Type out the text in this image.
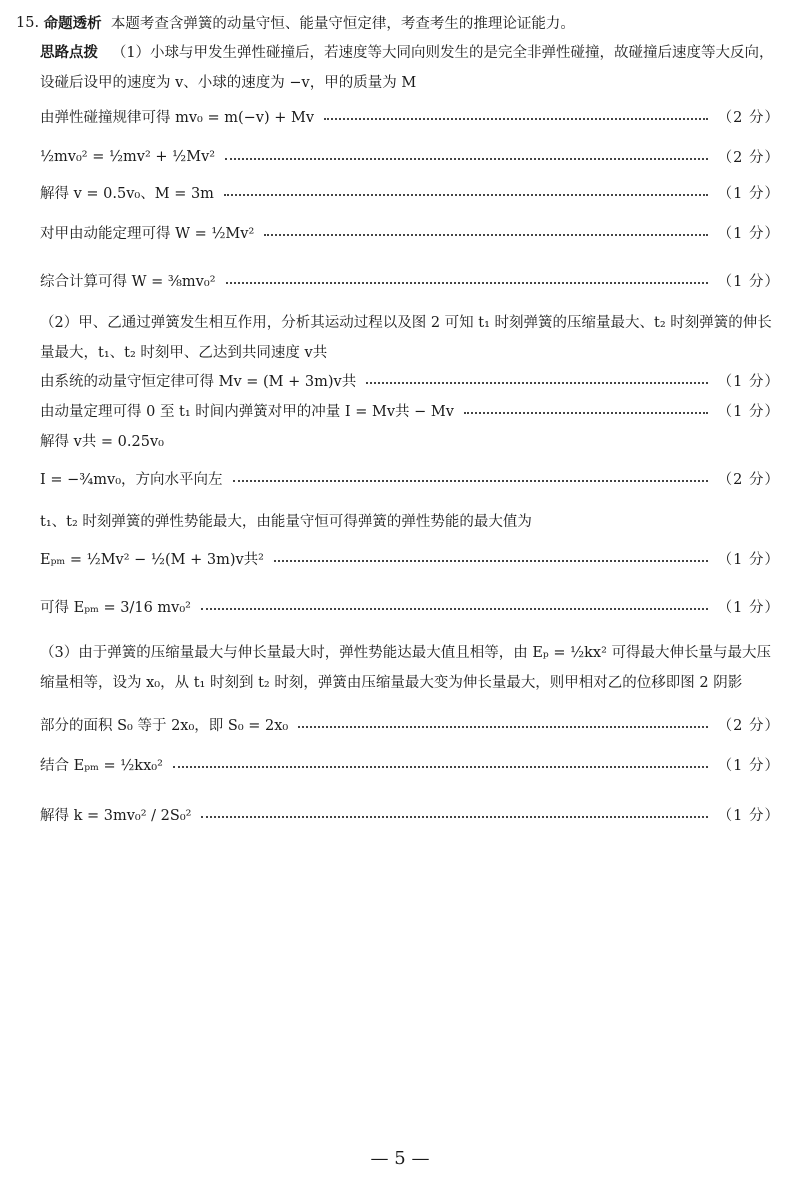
15.
命题透析
本题考查含弹簧的动量守恒、能量守恒定律，考查考生的推理论证能力。
思路点拨 （1）小球与甲发生弹性碰撞后，若速度等大同向则发生的是完全非弹性碰撞，故碰撞后速度等大反向，设碰后设甲的速度为 v、小球的速度为 −v，甲的质量为 M
由弹性碰撞规律可得 mv₀ = m(−v) + Mv	（2 分）
½mv₀² = ½mv² + ½Mv²	（2 分）
解得 v = 0.5v₀、M = 3m	（1 分）
对甲由动能定理可得 W = ½Mv²	（1 分）
综合计算可得 W = ⅜mv₀²	（1 分）
（2）甲、乙通过弹簧发生相互作用，分析其运动过程以及图 2 可知 t₁ 时刻弹簧的压缩量最大、t₂ 时刻弹簧的伸长量最大，t₁、t₂ 时刻甲、乙达到共同速度 v共
由系统的动量守恒定律可得 Mv = (M + 3m)v共	（1 分）
由动量定理可得 0 至 t₁ 时间内弹簧对甲的冲量 I = Mv共 − Mv	（1 分）
解得 v共 = 0.25v₀
I = −¾mv₀，方向水平向左	（2 分）
t₁、t₂ 时刻弹簧的弹性势能最大，由能量守恒可得弹簧的弹性势能的最大值为
Eₚₘ = ½Mv² − ½(M + 3m)v共²	（1 分）
可得 Eₚₘ = 3/16 mv₀²	（1 分）
（3）由于弹簧的压缩量最大与伸长量最大时，弹性势能达最大值且相等，由 Eₚ = ½kx² 可得最大伸长量与最大压缩量相等，设为 x₀，从 t₁ 时刻到 t₂ 时刻，弹簧由压缩量最大变为伸长量最大，则甲相对乙的位移即图 2 阴影
部分的面积 S₀ 等于 2x₀，即 S₀ = 2x₀	（2 分）
结合 Eₚₘ = ½kx₀²	（1 分）
解得 k = 3mv₀² / 2S₀²	（1 分）
— 5 —
